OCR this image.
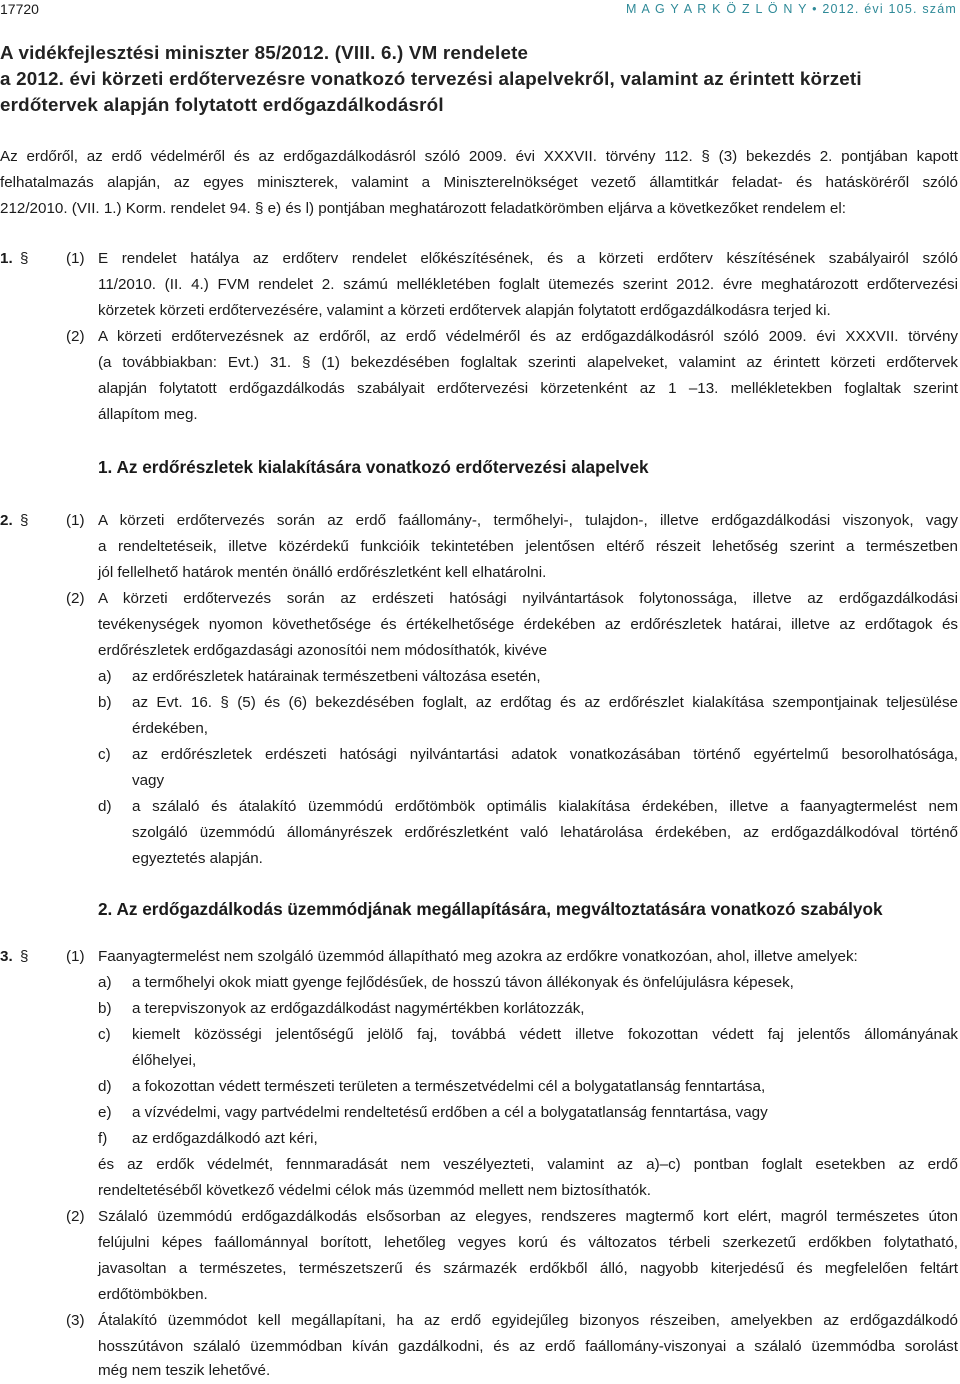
17720	M A G Y A R K Ö Z L Ö N Y • 2012. évi 105. szám
A vidékfejlesztési miniszter 85/2012. (VIII. 6.) VM rendelete
a 2012. évi körzeti erdőtervezésre vonatkozó tervezési alapelvekről, valamint az érintett körzeti
erdőtervek alapján folytatott erdőgazdálkodásról
Az erdőről, az erdő védelméről és az erdőgazdálkodásról szóló 2009. évi XXXVII. törvény 112. § (3) bekezdés 2. pontjában kapott
felhatalmazás alapján, az egyes miniszterek, valamint a Miniszterelnökséget vezető államtitkár feladat- és hatásköréről szóló
212/2010. (VII. 1.) Korm. rendelet 94. § e) és l) pontjában meghatározott feladatkörömben eljárva a következőket rendelem el:
1. § (1) E rendelet hatálya az erdőterv rendelet előkészítésének, és a körzeti erdőterv készítésének szabályairól szóló
11/2010. (II. 4.) FVM rendelet 2. számú mellékletében foglalt ütemezés szerint 2012. évre meghatározott erdőtervezési
körzetek körzeti erdőtervezésére, valamint a körzeti erdőtervek alapján folytatott erdőgazdálkodásra terjed ki.
(2) A körzeti erdőtervezésnek az erdőről, az erdő védelméről és az erdőgazdálkodásról szóló 2009. évi XXXVII. törvény
(a továbbiakban: Evt.) 31. § (1) bekezdésében foglaltak szerinti alapelveket, valamint az érintett körzeti erdőtervek
alapján folytatott erdőgazdálkodás szabályait erdőtervezési körzetenként az 1 –13. mellékletekben foglaltak szerint
állapítom meg.
1. Az erdőrészletek kialakítására vonatkozó erdőtervezési alapelvek
2. § (1) A körzeti erdőtervezés során az erdő faállomány-, termőhelyi-, tulajdon-, illetve erdőgazdálkodási viszonyok, vagy
a rendeltetéseik, illetve közérdekű funkcióik tekintetében jelentősen eltérő részeit lehetőség szerint a természetben
jól fellelhető határok mentén önálló erdőrészletként kell elhatárolni.
(2) A körzeti erdőtervezés során az erdészeti hatósági nyilvántartások folytonossága, illetve az erdőgazdálkodási
tevékenységek nyomon követhetősége és értékelhetősége érdekében az erdőrészletek határai, illetve az erdőtagok és
erdőrészletek erdőgazdasági azonosítói nem módosíthatók, kivéve
a) az erdőrészletek határainak természetbeni változása esetén,
b) az Evt. 16. § (5) és (6) bekezdésében foglalt, az erdőtag és az erdőrészlet kialakítása szempontjainak teljesülése
érdekében,
c) az erdőrészletek erdészeti hatósági nyilvántartási adatok vonatkozásában történő egyértelmű besorolhatósága,
vagy
d) a szálaló és átalakító üzemmódú erdőtömbök optimális kialakítása érdekében, illetve a faanyagtermelést nem
szolgáló üzemmódú állományrészek erdőrészletként való lehatárolása érdekében, az erdőgazdálkodóval történő
egyeztetés alapján.
2. Az erdőgazdálkodás üzemmódjának megállapítására, megváltoztatására vonatkozó szabályok
3. § (1) Faanyagtermelést nem szolgáló üzemmód állapítható meg azokra az erdőkre vonatkozóan, ahol, illetve amelyek:
a) a termőhelyi okok miatt gyenge fejlődésűek, de hosszú távon állékonyak és önfelújulásra képesek,
b) a terepviszonyok az erdőgazdálkodást nagymértékben korlátozzák,
c) kiemelt közösségi jelentőségű jelölő faj, továbbá védett illetve fokozottan védett faj jelentős állományának
élőhelyei,
d) a fokozottan védett természeti területen a természetvédelmi cél a bolygatatlanság fenntartása,
e) a vízvédelmi, vagy partvédelmi rendeltetésű erdőben a cél a bolygatatlanság fenntartása, vagy
f) az erdőgazdálkodó azt kéri,
és az erdők védelmét, fennmaradását nem veszélyezteti, valamint az a)–c) pontban foglalt esetekben az erdő
rendeltetéséből következő védelmi célok más üzemmód mellett nem biztosíthatók.
(2) Szálaló üzemmódú erdőgazdálkodás elsősorban az elegyes, rendszeres magtermő kort elért, magról természetes úton
felújulni képes faállománnyal borított, lehetőleg vegyes korú és változatos térbeli szerkezetű erdőkben folytatható,
javasoltan a természetes, természetszerű és származék erdőkből álló, nagyobb kiterjedésű és megfelelően feltárt
erdőtömbökben.
(3) Átalakító üzemmódot kell megállapítani, ha az erdő egyidejűleg bizonyos részeiben, amelyekben az erdőgazdálkodó
hosszútávon szálaló üzemmódban kíván gazdálkodni, és az erdő faállomány-viszonyai a szálaló üzemmódba sorolást
még nem teszik lehetővé.
